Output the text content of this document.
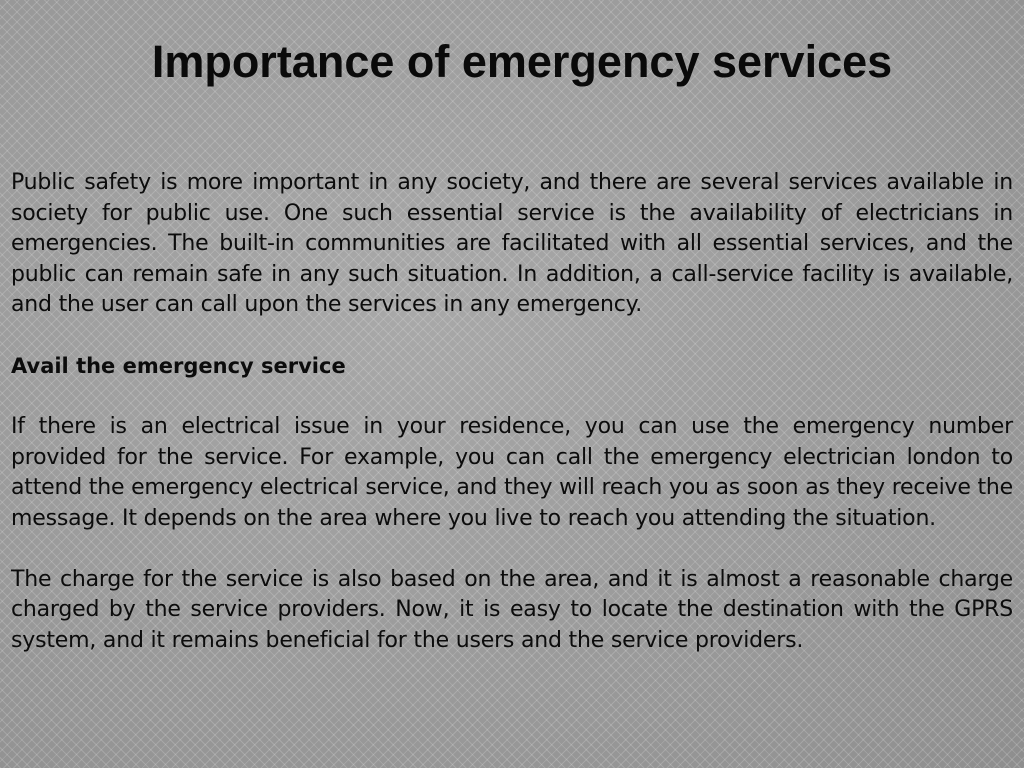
Importance of emergency services

Public safety is more important in any society, and there are several services available in society for public use. One such essential service is the availability of electricians in emergencies. The built-in communities are facilitated with all essential services, and the public can remain safe in any such situation. In addition, a call-service facility is available, and the user can call upon the services in any emergency.

Avail the emergency service

If there is an electrical issue in your residence, you can use the emergency number provided for the service. For example, you can call the emergency electrician london to attend the emergency electrical service, and they will reach you as soon as they receive the message. It depends on the area where you live to reach you attending the situation.

The charge for the service is also based on the area, and it is almost a reasonable charge charged by the service providers. Now, it is easy to locate the destination with the GPRS system, and it remains beneficial for the users and the service providers.
